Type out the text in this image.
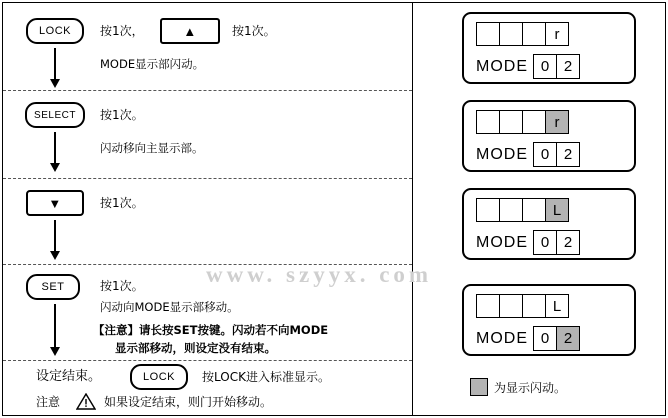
LOCK	按1次，	▲	按1次。
MODE显示部闪动。
SELECT	按1次。
闪动移向主显示部。
▼	按1次。
SET	按1次。
闪动向MODE显示部移动。
【注意】请长按SET按键。闪动若不向MODE
显示部移动，则设定没有结束。
设定结束。	LOCK	按LOCK进入标准显示。
注意	如果设定结束，则门开始移动。
www. szyyx. com
r
MODE 0 2
r
MODE 0 2
L
MODE 0 2
L
MODE 0 2
为显示闪动。
